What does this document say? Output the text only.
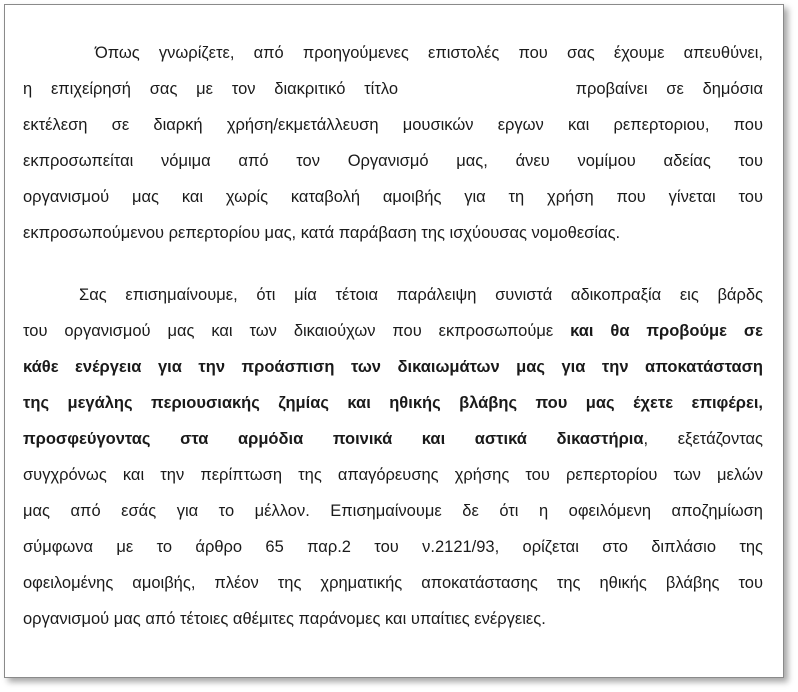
Όπως γνωρίζετε, από προηγούμενες επιστολές που σας έχουμε απευθύνει,

η επιχείρησή σας με τον διακριτικό τίτλο	προβαίνει σε δημόσια

εκτέλεση σε διαρκή χρήση/εκμετάλλευση μουσικών εργων και ρεπερτοριου, που

εκπροσωπείται νόμιμα από τον Οργανισμό μας, άνευ νομίμου αδείας του

οργανισμού μας και χωρίς καταβολή αμοιβής για τη χρήση που γίνεται του

εκπροσωπούμενου ρεπερτορίου μας, κατά παράβαση της ισχύουσας νομοθεσίας.

Σας επισημαίνουμε, ότι μία τέτοια παράλειψη συνιστά αδικοπραξία εις βάρδς

του οργανισμού μας και των δικαιούχων που εκπροσωπούμε και θα προβούμε σε

κάθε ενέργεια για την προάσπιση των δικαιωμάτων μας για την αποκατάσταση

της μεγάλης περιουσιακής ζημίας και ηθικής βλάβης που μας έχετε επιφέρει,

προσφεύγοντας στα αρμόδια ποινικά και αστικά δικαστήρια, εξετάζοντας

συγχρόνως και την περίπτωση της απαγόρευσης χρήσης του ρεπερτορίου των μελών

μας από εσάς για το μέλλον. Επισημαίνουμε δε ότι η οφειλόμενη αποζημίωση

σύμφωνα με το άρθρο 65 παρ.2 του ν.2121/93, ορίζεται στο διπλάσιο της

οφειλομένης αμοιβής, πλέον της χρηματικής αποκατάστασης της ηθικής βλάβης του

οργανισμού μας από τέτοιες αθέμιτες παράνομες και υπαίτιες ενέργειες.
